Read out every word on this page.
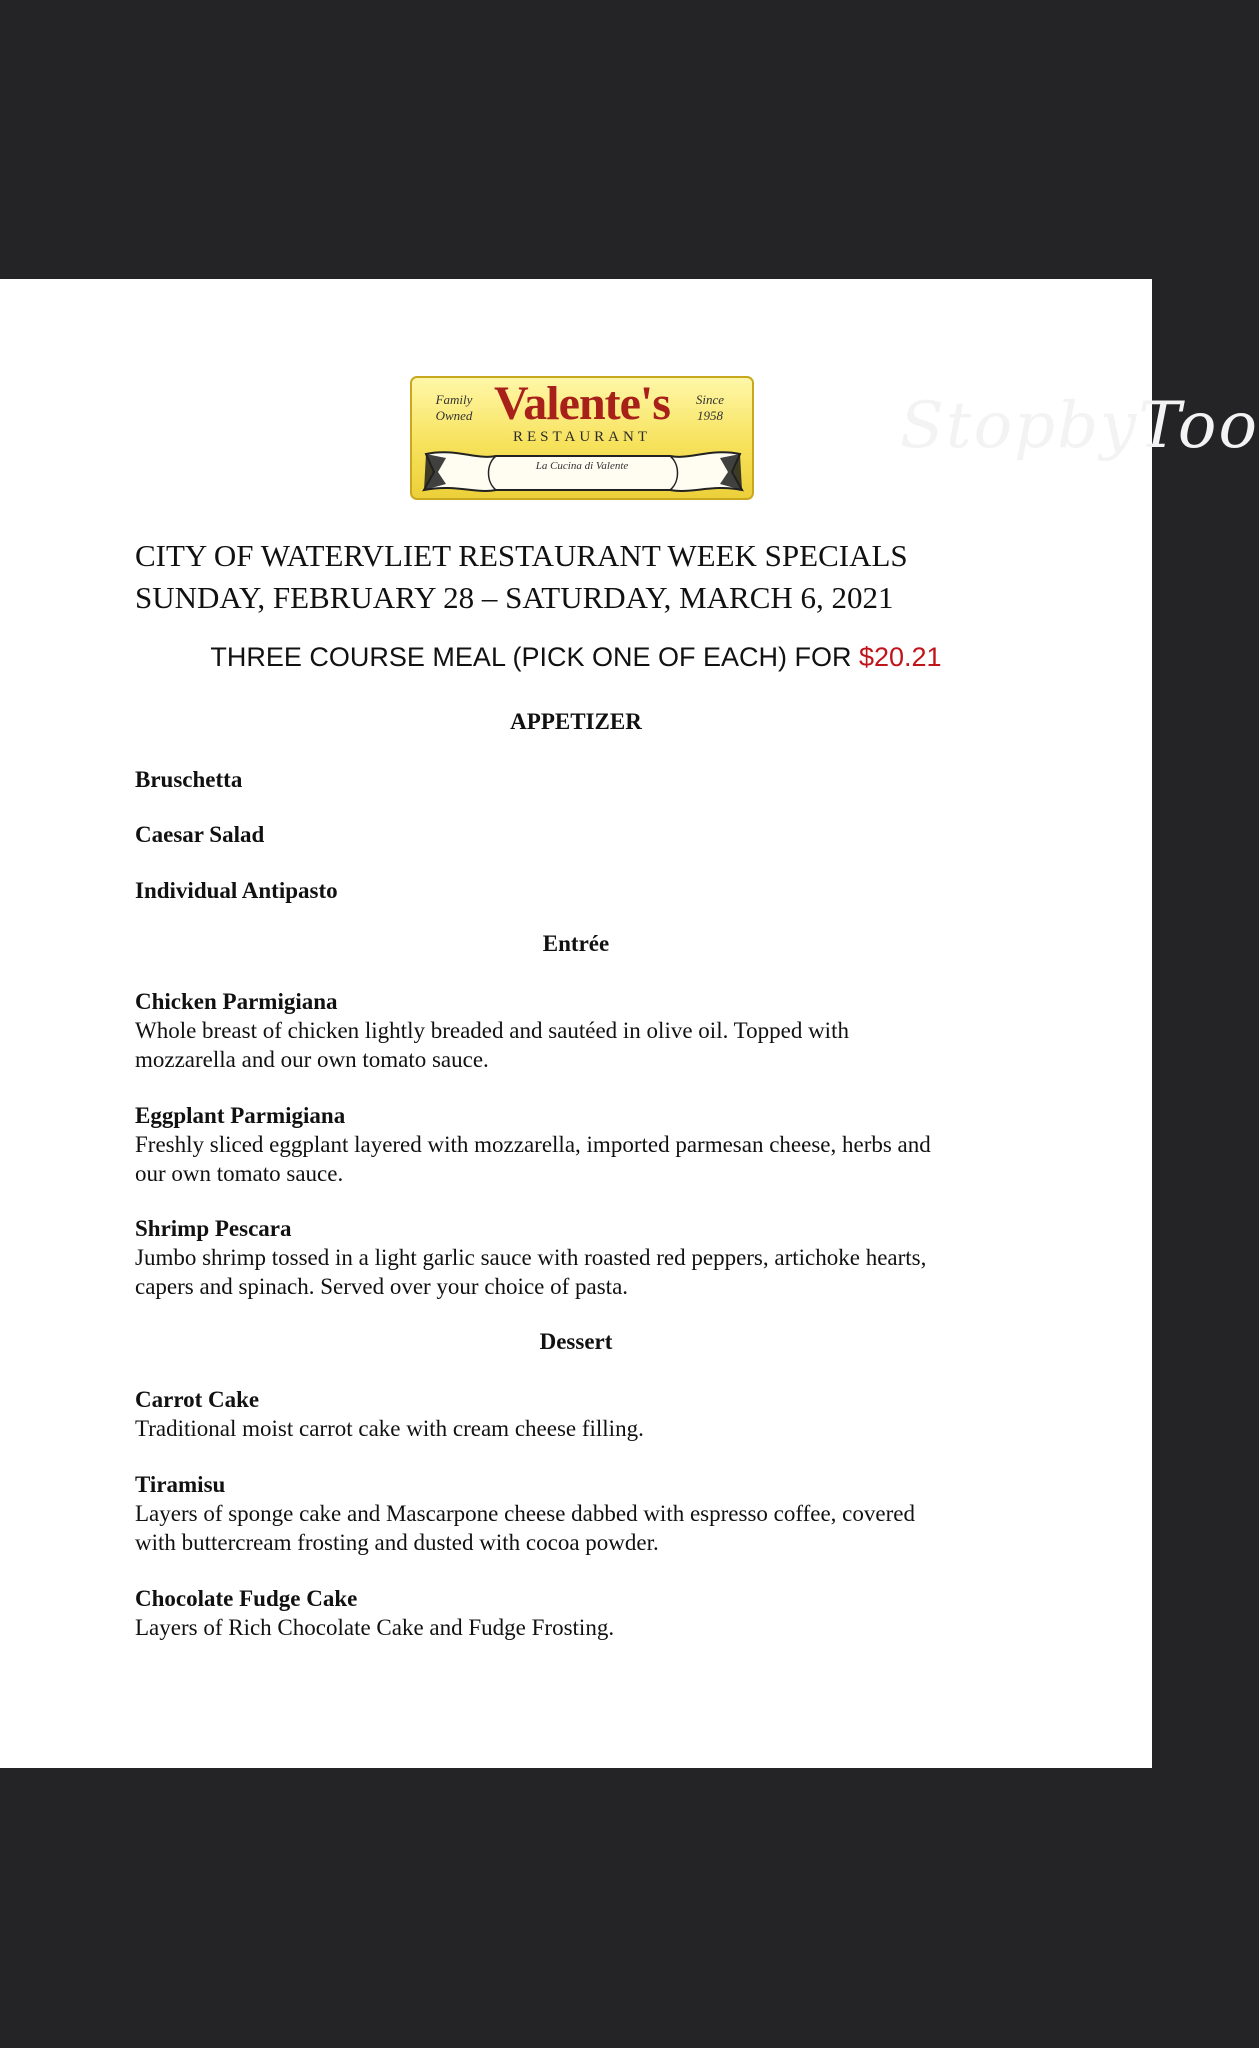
StopbyToo
Family
Owned Valente's	Since
1958
RESTAURANT
La Cucina di Valente
CITY OF WATERVLIET RESTAURANT WEEK SPECIALS
SUNDAY, FEBRUARY 28 – SATURDAY, MARCH 6, 2021
THREE COURSE MEAL (PICK ONE OF EACH) FOR $20.21
APPETIZER
Bruschetta
Caesar Salad
Individual Antipasto
Entrée
Chicken Parmigiana
Whole breast of chicken lightly breaded and sautéed in olive oil. Topped with
mozzarella and our own tomato sauce.
Eggplant Parmigiana
Freshly sliced eggplant layered with mozzarella, imported parmesan cheese, herbs and
our own tomato sauce.
Shrimp Pescara
Jumbo shrimp tossed in a light garlic sauce with roasted red peppers, artichoke hearts,
capers and spinach. Served over your choice of pasta.
Dessert
Carrot Cake
Traditional moist carrot cake with cream cheese filling.
Tiramisu
Layers of sponge cake and Mascarpone cheese dabbed with espresso coffee, covered
with buttercream frosting and dusted with cocoa powder.
Chocolate Fudge Cake
Layers of Rich Chocolate Cake and Fudge Frosting.
